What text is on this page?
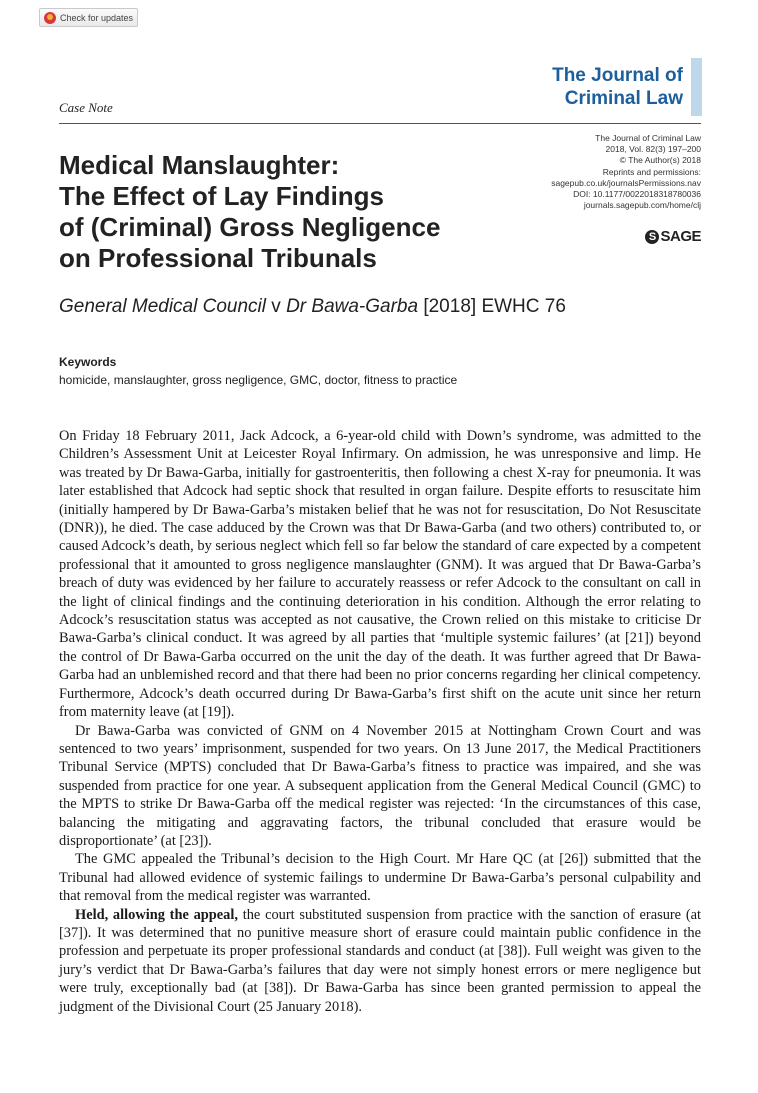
Check for updates
The Journal of
Criminal Law
Case Note
The Journal of Criminal Law
2018, Vol. 82(3) 197–200
© The Author(s) 2018
Reprints and permissions:
sagepub.co.uk/journalsPermissions.nav
DOI: 10.1177/0022018318780036
journals.sagepub.com/home/clj
S SAGE
Medical Manslaughter:
The Effect of Lay Findings
of (Criminal) Gross Negligence
on Professional Tribunals
General Medical Council v Dr Bawa-Garba [2018] EWHC 76
Keywords
homicide, manslaughter, gross negligence, GMC, doctor, fitness to practice

On Friday 18 February 2011, Jack Adcock, a 6-year-old child with Down’s syndrome, was admitted to the Children’s Assessment Unit at Leicester Royal Infirmary. On admission, he was unresponsive and limp. He was treated by Dr Bawa-Garba, initially for gastroenteritis, then following a chest X-ray for pneumonia. It was later established that Adcock had septic shock that resulted in organ failure. Despite efforts to resuscitate him (initially hampered by Dr Bawa-Garba’s mistaken belief that he was not for resuscitation, Do Not Resuscitate (DNR)), he died. The case adduced by the Crown was that Dr Bawa-Garba (and two others) contributed to, or caused Adcock’s death, by serious neglect which fell so far below the standard of care expected by a competent professional that it amounted to gross negligence manslaughter (GNM). It was argued that Dr Bawa-Garba’s breach of duty was evidenced by her failure to accurately reassess or refer Adcock to the consultant on call in the light of clinical findings and the continuing deterioration in his condition. Although the error relating to Adcock’s resuscitation status was accepted as not causative, the Crown relied on this mistake to criticise Dr Bawa-Garba’s clinical conduct. It was agreed by all parties that ‘multiple systemic failures’ (at [21]) beyond the control of Dr Bawa-Garba occurred on the unit the day of the death. It was further agreed that Dr Bawa-Garba had an unblemished record and that there had been no prior concerns regarding her clinical competency. Furthermore, Adcock’s death occurred during Dr Bawa-Garba’s first shift on the acute unit since her return from maternity leave (at [19]).

Dr Bawa-Garba was convicted of GNM on 4 November 2015 at Nottingham Crown Court and was sentenced to two years’ imprisonment, suspended for two years. On 13 June 2017, the Medical Practitioners Tribunal Service (MPTS) concluded that Dr Bawa-Garba’s fitness to practice was impaired, and she was suspended from practice for one year. A subsequent application from the General Medical Council (GMC) to the MPTS to strike Dr Bawa-Garba off the medical register was rejected: ‘In the circumstances of this case, balancing the mitigating and aggravating factors, the tribunal concluded that erasure would be disproportionate’ (at [23]).

The GMC appealed the Tribunal’s decision to the High Court. Mr Hare QC (at [26]) submitted that the Tribunal had allowed evidence of systemic failings to undermine Dr Bawa-Garba’s personal culpability and that removal from the medical register was warranted.

Held, allowing the appeal, the court substituted suspension from practice with the sanction of erasure (at [37]). It was determined that no punitive measure short of erasure could maintain public confidence in the profession and perpetuate its proper professional standards and conduct (at [38]). Full weight was given to the jury’s verdict that Dr Bawa-Garba’s failures that day were not simply honest errors or mere negligence but were truly, exceptionally bad (at [38]). Dr Bawa-Garba has since been granted permission to appeal the judgment of the Divisional Court (25 January 2018).
